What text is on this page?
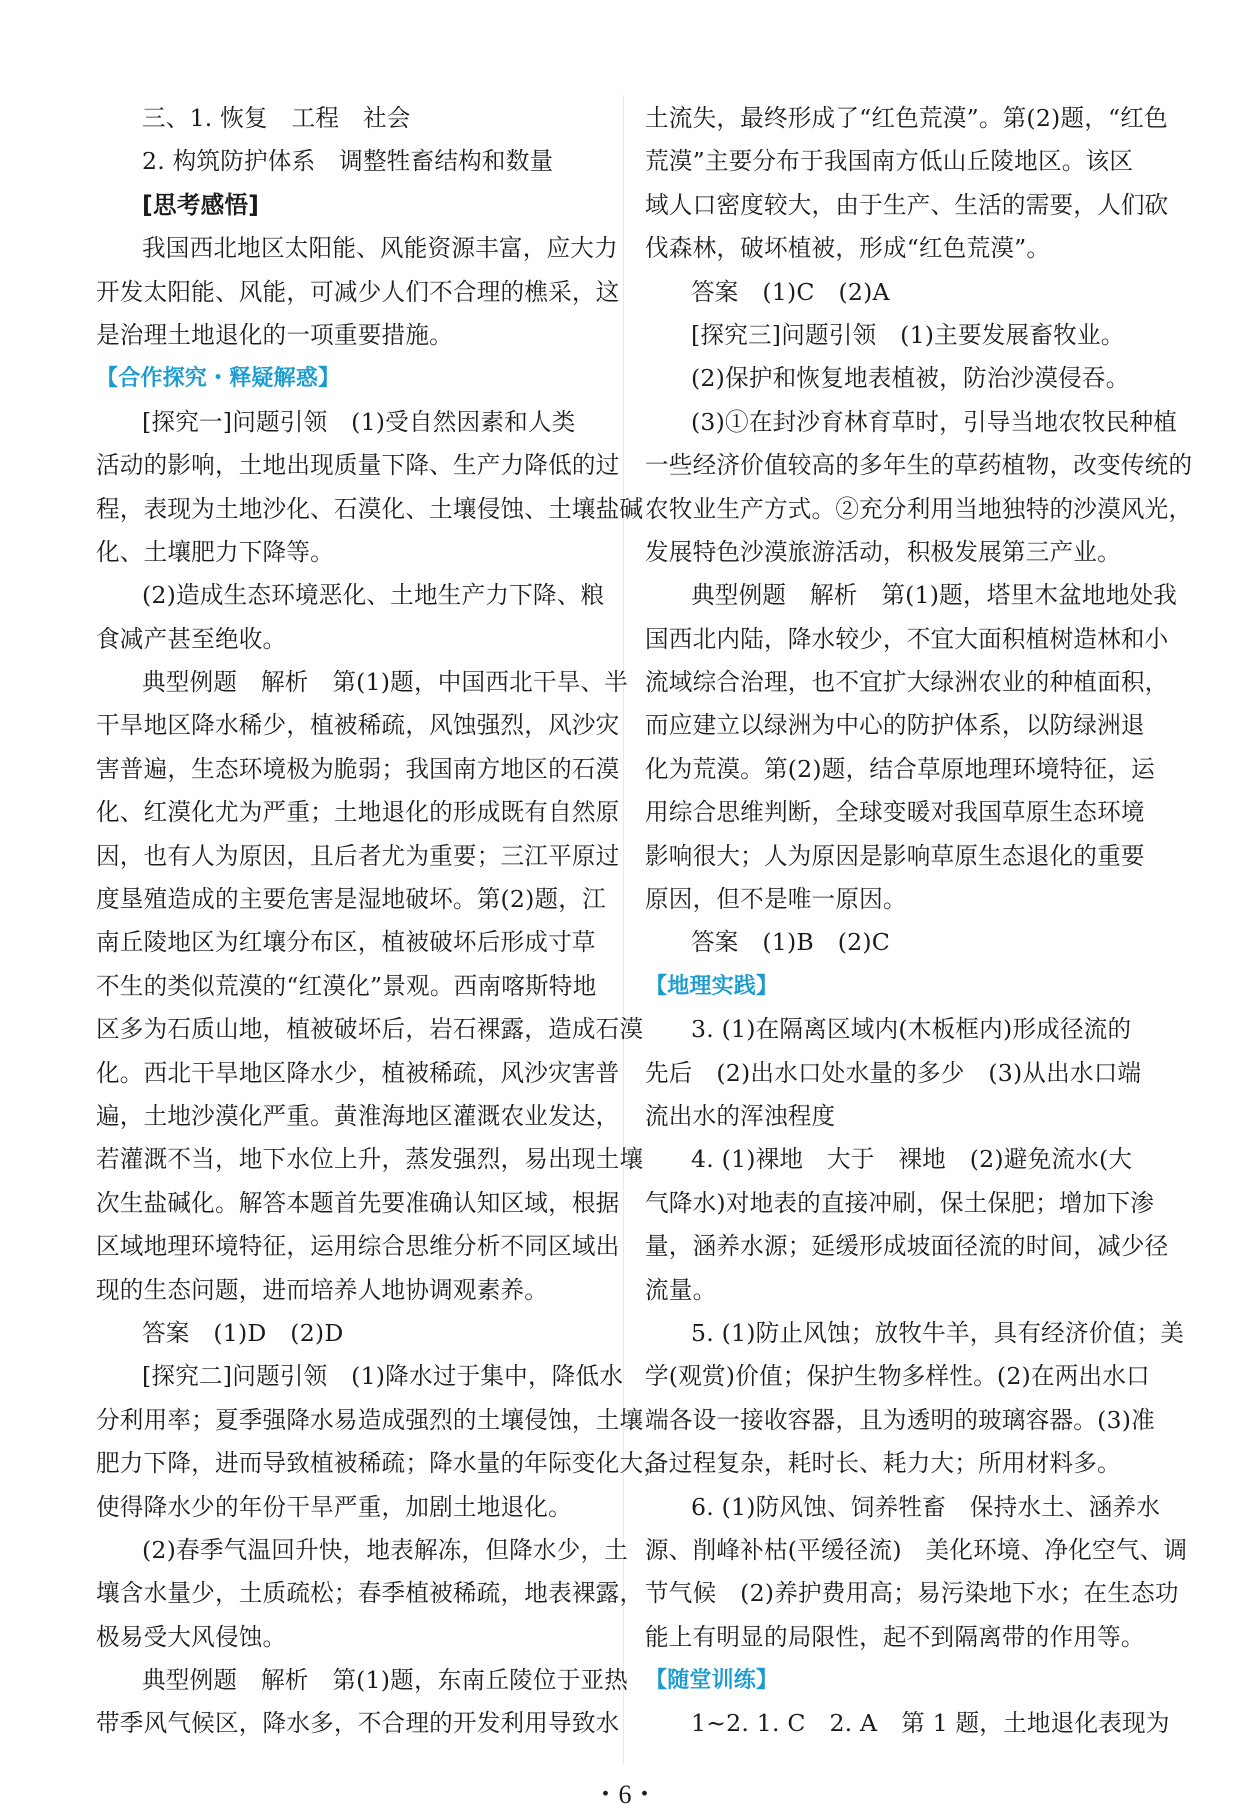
三、1. 恢复　工程　社会
2. 构筑防护体系　调整牲畜结构和数量
[思考感悟]
我国西北地区太阳能、风能资源丰富，应大力
开发太阳能、风能，可减少人们不合理的樵采，这
是治理土地退化的一项重要措施。
【合作探究・释疑解惑】
[探究一]问题引领　(1)受自然因素和人类
活动的影响，土地出现质量下降、生产力降低的过
程，表现为土地沙化、石漠化、土壤侵蚀、土壤盐碱
化、土壤肥力下降等。
(2)造成生态环境恶化、土地生产力下降、粮
食减产甚至绝收。
典型例题　解析　第(1)题，中国西北干旱、半
干旱地区降水稀少，植被稀疏，风蚀强烈，风沙灾
害普遍，生态环境极为脆弱；我国南方地区的石漠
化、红漠化尤为严重；土地退化的形成既有自然原
因，也有人为原因，且后者尤为重要；三江平原过
度垦殖造成的主要危害是湿地破坏。第(2)题，江
南丘陵地区为红壤分布区，植被破坏后形成寸草
不生的类似荒漠的“红漠化”景观。西南喀斯特地
区多为石质山地，植被破坏后，岩石裸露，造成石漠
化。西北干旱地区降水少，植被稀疏，风沙灾害普
遍，土地沙漠化严重。黄淮海地区灌溉农业发达，
若灌溉不当，地下水位上升，蒸发强烈，易出现土壤
次生盐碱化。解答本题首先要准确认知区域，根据
区域地理环境特征，运用综合思维分析不同区域出
现的生态问题，进而培养人地协调观素养。
答案　(1)D　(2)D
[探究二]问题引领　(1)降水过于集中，降低水
分利用率；夏季强降水易造成强烈的土壤侵蚀，土壤
肥力下降，进而导致植被稀疏；降水量的年际变化大，
使得降水少的年份干旱严重，加剧土地退化。
(2)春季气温回升快，地表解冻，但降水少，土
壤含水量少，土质疏松；春季植被稀疏，地表裸露，
极易受大风侵蚀。
典型例题　解析　第(1)题，东南丘陵位于亚热
带季风气候区，降水多，不合理的开发利用导致水
土流失，最终形成了“红色荒漠”。第(2)题，“红色
荒漠”主要分布于我国南方低山丘陵地区。该区
域人口密度较大，由于生产、生活的需要，人们砍
伐森林，破坏植被，形成“红色荒漠”。
答案　(1)C　(2)A
[探究三]问题引领　(1)主要发展畜牧业。
(2)保护和恢复地表植被，防治沙漠侵吞。
(3)①在封沙育林育草时，引导当地农牧民种植
一些经济价值较高的多年生的草药植物，改变传统的
农牧业生产方式。②充分利用当地独特的沙漠风光，
发展特色沙漠旅游活动，积极发展第三产业。
典型例题　解析　第(1)题，塔里木盆地地处我
国西北内陆，降水较少，不宜大面积植树造林和小
流域综合治理，也不宜扩大绿洲农业的种植面积，
而应建立以绿洲为中心的防护体系，以防绿洲退
化为荒漠。第(2)题，结合草原地理环境特征，运
用综合思维判断，全球变暖对我国草原生态环境
影响很大；人为原因是影响草原生态退化的重要
原因，但不是唯一原因。
答案　(1)B　(2)C
【地理实践】
3. (1)在隔离区域内(木板框内)形成径流的
先后　(2)出水口处水量的多少　(3)从出水口端
流出水的浑浊程度
4. (1)裸地　大于　裸地　(2)避免流水(大
气降水)对地表的直接冲刷，保土保肥；增加下渗
量，涵养水源；延缓形成坡面径流的时间，减少径
流量。
5. (1)防止风蚀；放牧牛羊，具有经济价值；美
学(观赏)价值；保护生物多样性。(2)在两出水口
端各设一接收容器，且为透明的玻璃容器。(3)准
备过程复杂，耗时长、耗力大；所用材料多。
6. (1)防风蚀、饲养牲畜　保持水土、涵养水
源、削峰补枯(平缓径流)　美化环境、净化空气、调
节气候　(2)养护费用高；易污染地下水；在生态功
能上有明显的局限性，起不到隔离带的作用等。
【随堂训练】
1~2. 1. C　2. A　第 1 题，土地退化表现为
・6・
